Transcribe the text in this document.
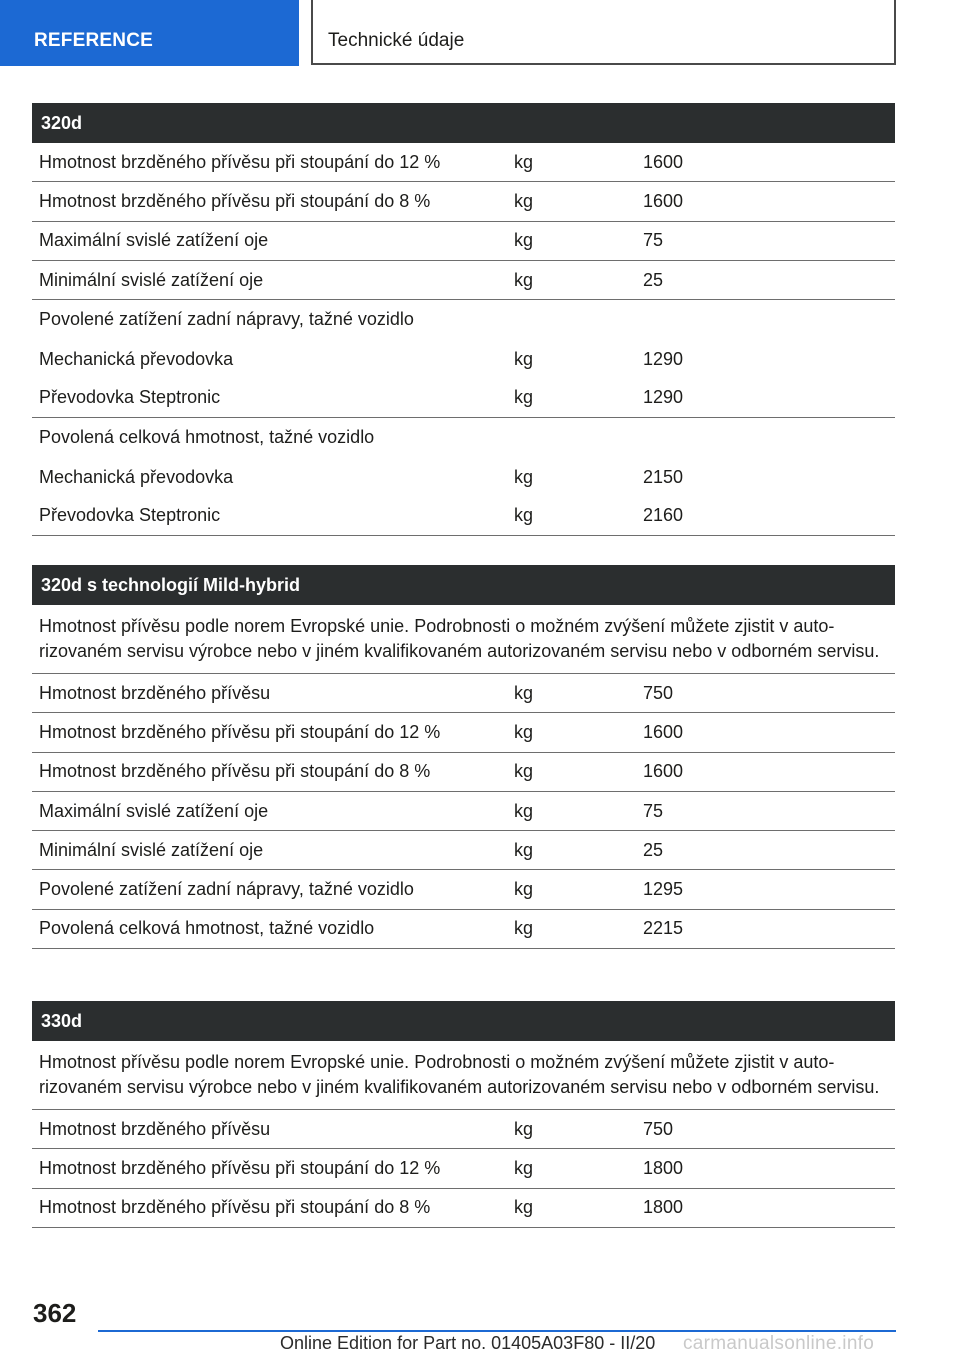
REFERENCE	Technické údaje
320d
Hmotnost brzděného přívěsu při stoupání do 12 %	kg	1600
Hmotnost brzděného přívěsu při stoupání do 8 %	kg	1600
Maximální svislé zatížení oje	kg	75
Minimální svislé zatížení oje	kg	25
Povolené zatížení zadní nápravy, tažné vozidlo
Mechanická převodovka	kg	1290
Převodovka Steptronic	kg	1290
Povolená celková hmotnost, tažné vozidlo
Mechanická převodovka	kg	2150
Převodovka Steptronic	kg	2160
320d s technologií Mild-hybrid
Hmotnost přívěsu podle norem Evropské unie. Podrobnosti o možném zvýšení můžete zjistit v autorizovaném servisu výrobce nebo v jiném kvalifikovaném autorizovaném servisu nebo v odborném servisu.
Hmotnost brzděného přívěsu	kg	750
Hmotnost brzděného přívěsu při stoupání do 12 %	kg	1600
Hmotnost brzděného přívěsu při stoupání do 8 %	kg	1600
Maximální svislé zatížení oje	kg	75
Minimální svislé zatížení oje	kg	25
Povolené zatížení zadní nápravy, tažné vozidlo	kg	1295
Povolená celková hmotnost, tažné vozidlo	kg	2215
330d
Hmotnost přívěsu podle norem Evropské unie. Podrobnosti o možném zvýšení můžete zjistit v autorizovaném servisu výrobce nebo v jiném kvalifikovaném autorizovaném servisu nebo v odborném servisu.
Hmotnost brzděného přívěsu	kg	750
Hmotnost brzděného přívěsu při stoupání do 12 %	kg	1800
Hmotnost brzděného přívěsu při stoupání do 8 %	kg	1800
362
Online Edition for Part no. 01405A03F80 - II/20 carmanualsonline.info
